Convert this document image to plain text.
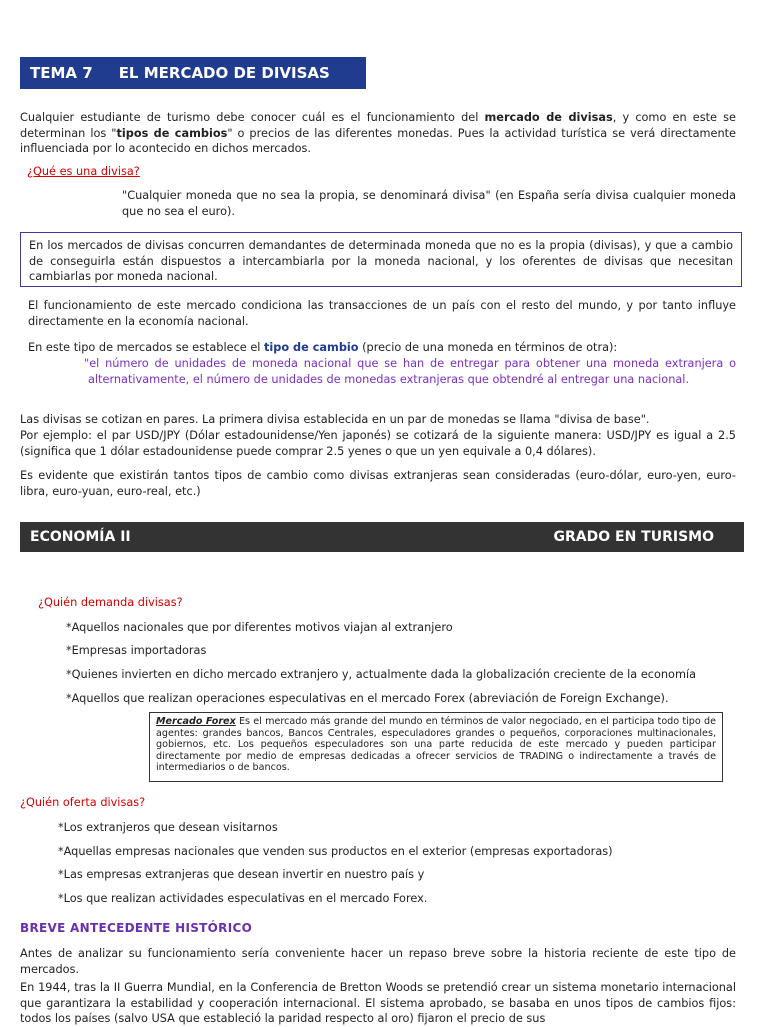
TEMA 7 EL MERCADO DE DIVISAS

Cualquier estudiante de turismo debe conocer cuál es el funcionamiento del mercado de divisas, y como en este se determinan los "tipos de cambios" o precios de las diferentes monedas. Pues la actividad turística se verá directamente influenciada por lo acontecido en dichos mercados.

¿Qué es una divisa?

"Cualquier moneda que no sea la propia, se denominará divisa" (en España sería divisa cualquier moneda que no sea el euro).

En los mercados de divisas concurren demandantes de determinada moneda que no es la propia (divisas), y que a cambio de conseguirla están dispuestos a intercambiarla por la moneda nacional, y los oferentes de divisas que necesitan cambiarlas por moneda nacional.

El funcionamiento de este mercado condiciona las transacciones de un país con el resto del mundo, y por tanto influye directamente en la economía nacional.

En este tipo de mercados se establece el tipo de cambio (precio de una moneda en términos de otra):

"el número de unidades de moneda nacional que se han de entregar para obtener una moneda extranjera o alternativamente, el número de unidades de monedas extranjeras que obtendré al entregar una nacional.

Las divisas se cotizan en pares. La primera divisa establecida en un par de monedas se llama "divisa de base".

Por ejemplo: el par USD/JPY (Dólar estadounidense/Yen japonés) se cotizará de la siguiente manera: USD/JPY es igual a 2.5 (significa que 1 dólar estadounidense puede comprar 2.5 yenes o que un yen equivale a 0,4 dólares).

Es evidente que existirán tantos tipos de cambio como divisas extranjeras sean consideradas (euro-dólar, euro-yen, euro-libra, euro-yuan, euro-real, etc.)

ECONOMÍA II	GRADO EN TURISMO
¿Quién demanda divisas?

*Aquellos nacionales que por diferentes motivos viajan al extranjero

*Empresas importadoras

*Quienes invierten en dicho mercado extranjero y, actualmente dada la globalización creciente de la economía

*Aquellos que realizan operaciones especulativas en el mercado Forex (abreviación de Foreign Exchange).

Mercado Forex Es el mercado más grande del mundo en términos de valor negociado, en el participa todo tipo de agentes: grandes bancos, Bancos Centrales, especuladores grandes o pequeños, corporaciones multinacionales, gobiernos, etc. Los pequeños especuladores son una parte reducida de este mercado y pueden participar directamente por medio de empresas dedicadas a ofrecer servicios de TRADING o indirectamente a través de intermediarios o de bancos.
¿Quién oferta divisas?

*Los extranjeros que desean visitarnos

*Aquellas empresas nacionales que venden sus productos en el exterior (empresas exportadoras)

*Las empresas extranjeras que desean invertir en nuestro país y

*Los que realizan actividades especulativas en el mercado Forex.

BREVE ANTECEDENTE HISTÓRICO

Antes de analizar su funcionamiento sería conveniente hacer un repaso breve sobre la historia reciente de este tipo de mercados.

En 1944, tras la II Guerra Mundial, en la Conferencia de Bretton Woods se pretendió crear un sistema monetario internacional que garantizara la estabilidad y cooperación internacional. El sistema aprobado, se basaba en unos tipos de cambios fijos: todos los países (salvo USA que estableció la paridad respecto al oro) fijaron el precio de sus
